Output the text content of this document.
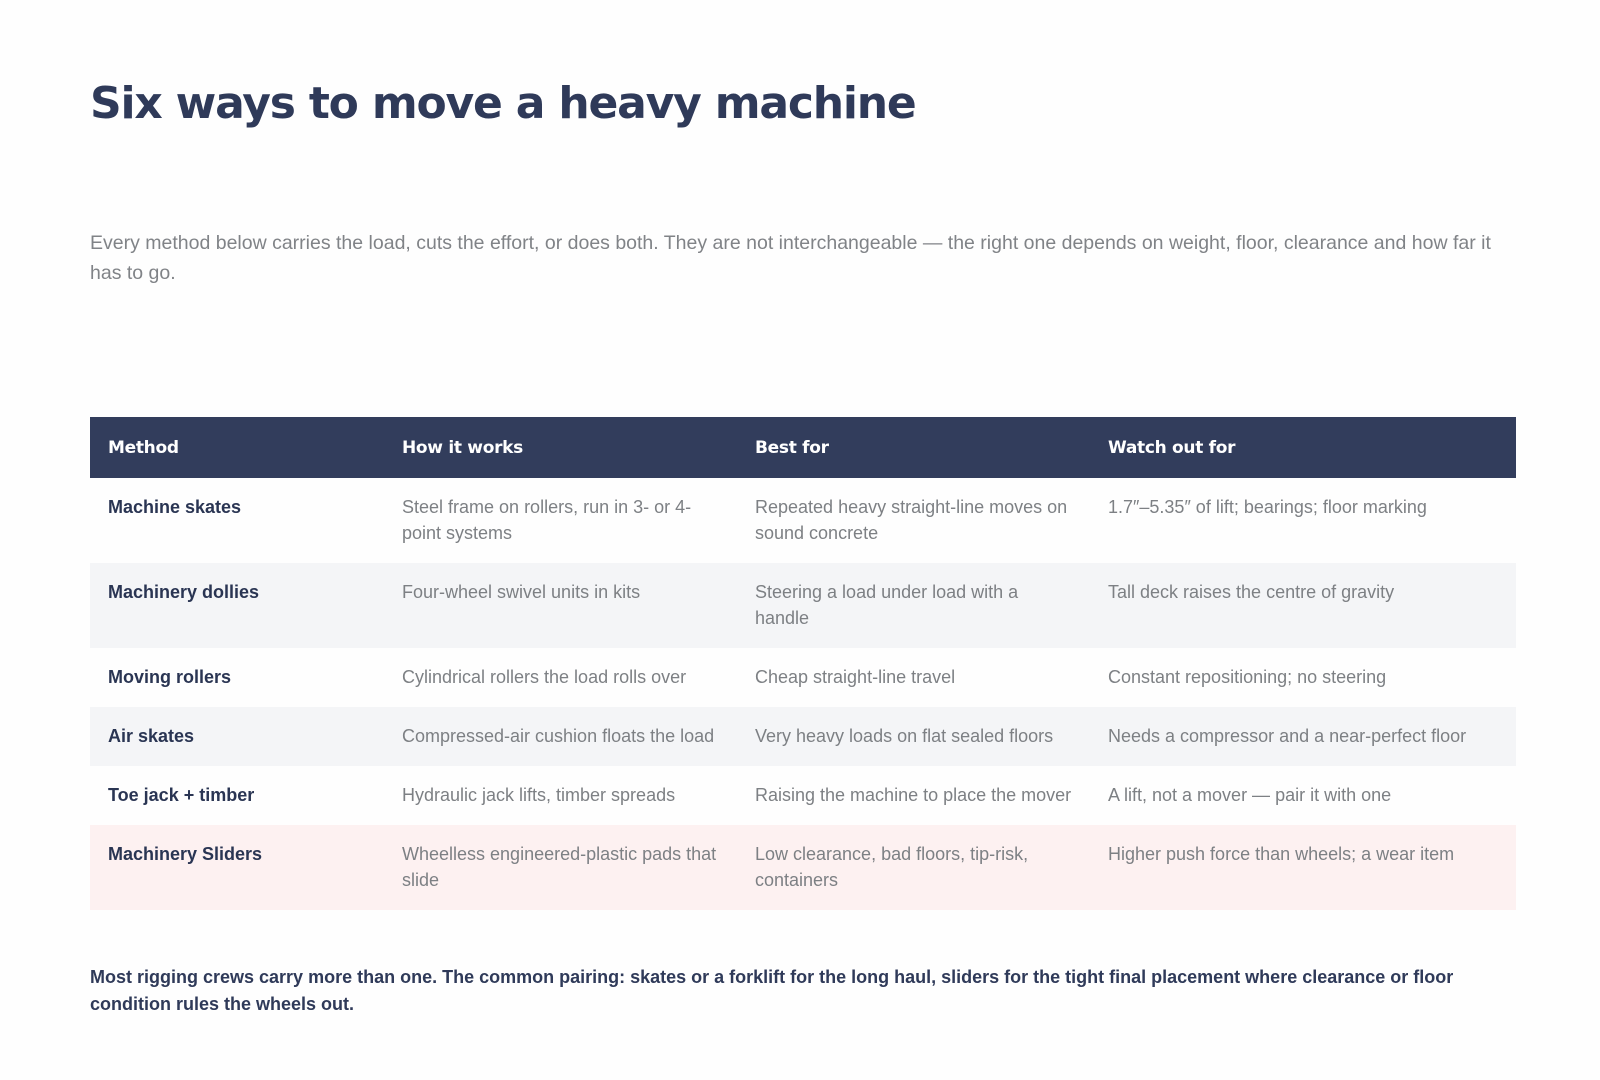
Six ways to move a heavy machine

Every method below carries the load, cuts the effort, or does both. They are not interchangeable — the right one depends on weight, floor, clearance and how far it has to go.

Method	How it works	Best for	Watch out for
Machine skates	Steel frame on rollers, run in 3- or 4-point systems	Repeated heavy straight-line moves on sound concrete	1.7″–5.35″ of lift; bearings; floor marking
Machinery dollies	Four-wheel swivel units in kits	Steering a load under load with a handle	Tall deck raises the centre of gravity
Moving rollers	Cylindrical rollers the load rolls over	Cheap straight-line travel	Constant repositioning; no steering
Air skates	Compressed-air cushion floats the load	Very heavy loads on flat sealed floors	Needs a compressor and a near-perfect floor
Toe jack + timber	Hydraulic jack lifts, timber spreads	Raising the machine to place the mover	A lift, not a mover — pair it with one
Machinery Sliders	Wheelless engineered-plastic pads that slide	Low clearance, bad floors, tip-risk, containers	Higher push force than wheels; a wear item

Most rigging crews carry more than one. The common pairing: skates or a forklift for the long haul, sliders for the tight final placement where clearance or floor condition rules the wheels out.
